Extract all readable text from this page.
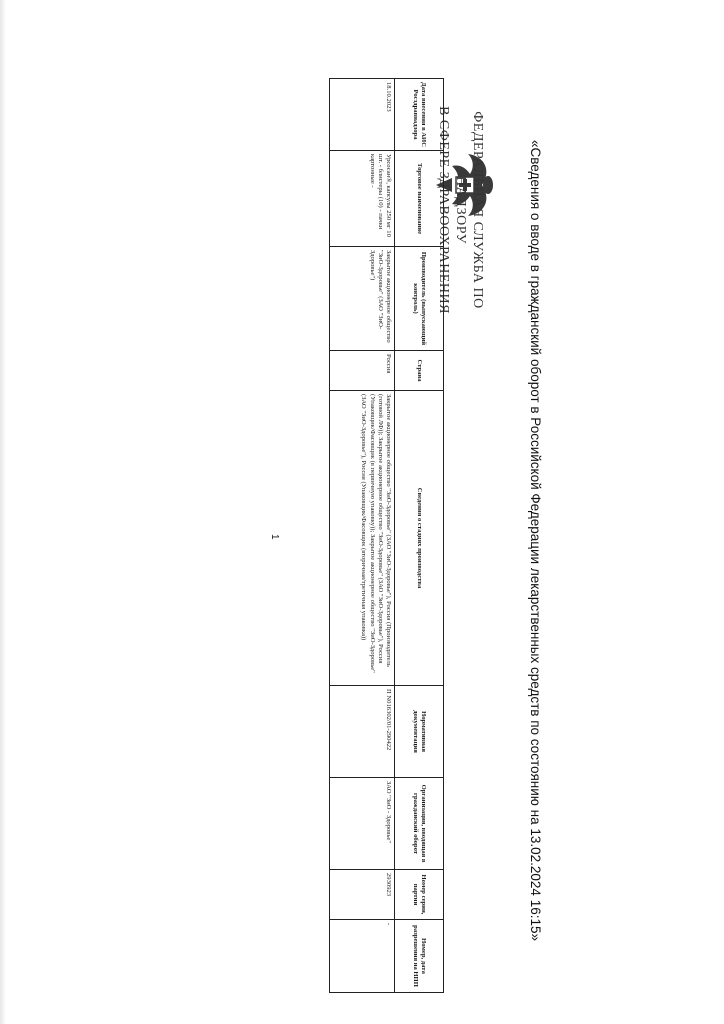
«Сведения о вводе в гражданский оборот в Российской Федерации лекарственных средств по состоянию на 13.02.2024 16:15»
ФЕДЕРАЛЬНАЯ СЛУЖБА ПО НАДЗОРУ
В СФЕРЕ ЗДРАВООХРАНЕНИЯ
Дата внесения в АИС Росздравнадзора	Торговое наименование	Производитель (выпускающий контроль)	Страна	Сведения о стадиях производства	Нормативная документация	Организация, вводящая в гражданский оборот	Номер серии, партии	Номер, дата разрешения на НПП
18.10.2023	Урсосан®, капсулы 250 мг 10 шт. - блистеры (10) - пачки картонные -	Закрытое акционерное общество "ЗиО-Здоровье" (ЗАО "ЗиО-Здоровье")	Россия	Закрытое акционерное общество "ЗиО-Здоровье" (ЗАО "ЗиО-Здоровье"), Россия (Производитель (готовой ЛФ)); Закрытое акционерное общество "ЗиО-Здоровье" (ЗАО "ЗиО-Здоровье"), Россия (Упаковщик/Фасовщик (в первичную упаковку)); Закрытое акционерное общество "ЗиО-Здоровье" (ЗАО "ЗиО-Здоровье"), Россия (Упаковщик/Фасовщик (вторичная/третичная упаковка))	П N016302/01-290422	ЗАО "ЗиО - Здоровье"	2930923	-
1
